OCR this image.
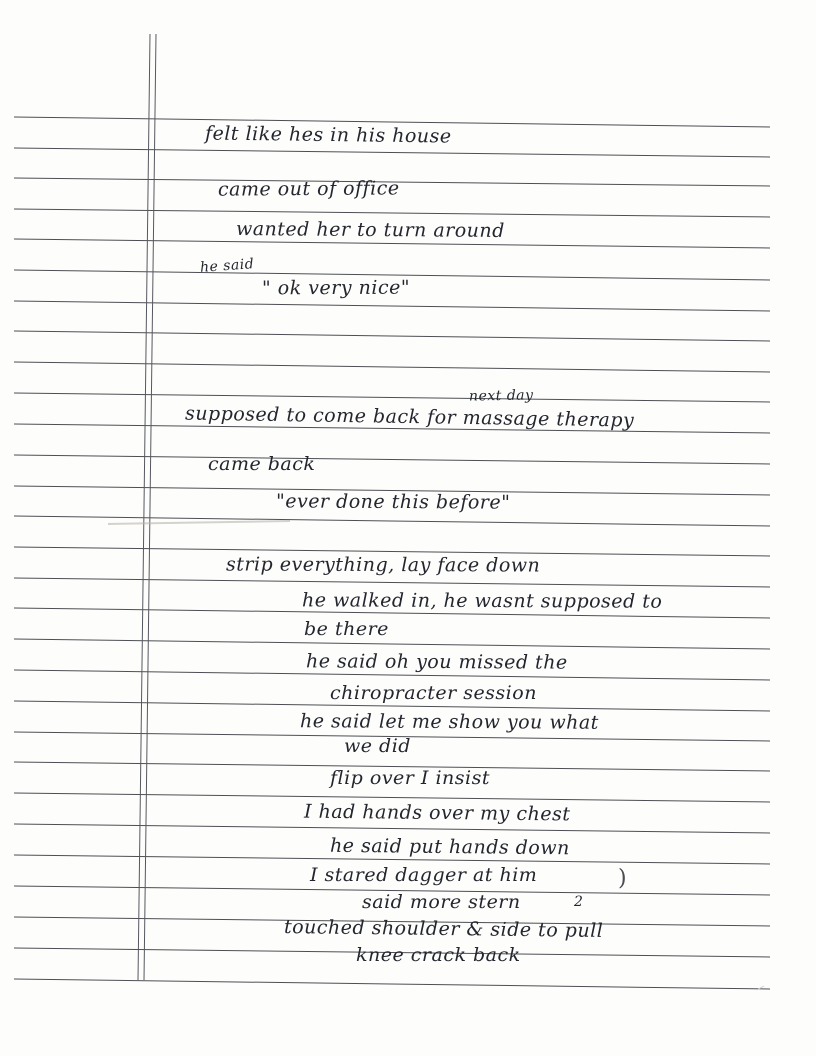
felt like hes in his house
came out of office
wanted her to turn around
he said
" ok very nice"
next day
supposed to come back for massage therapy
came back
"ever done this before"
strip everything, lay face down
he walked in, he wasnt supposed to
be there
he said oh you missed the
chiropracter session
he said let me show you what
we did
flip over I insist
I had hands over my chest
he said put hands down
I stared dagger at him	)
said more stern	2
touched shoulder & side to pull
knee crack back
